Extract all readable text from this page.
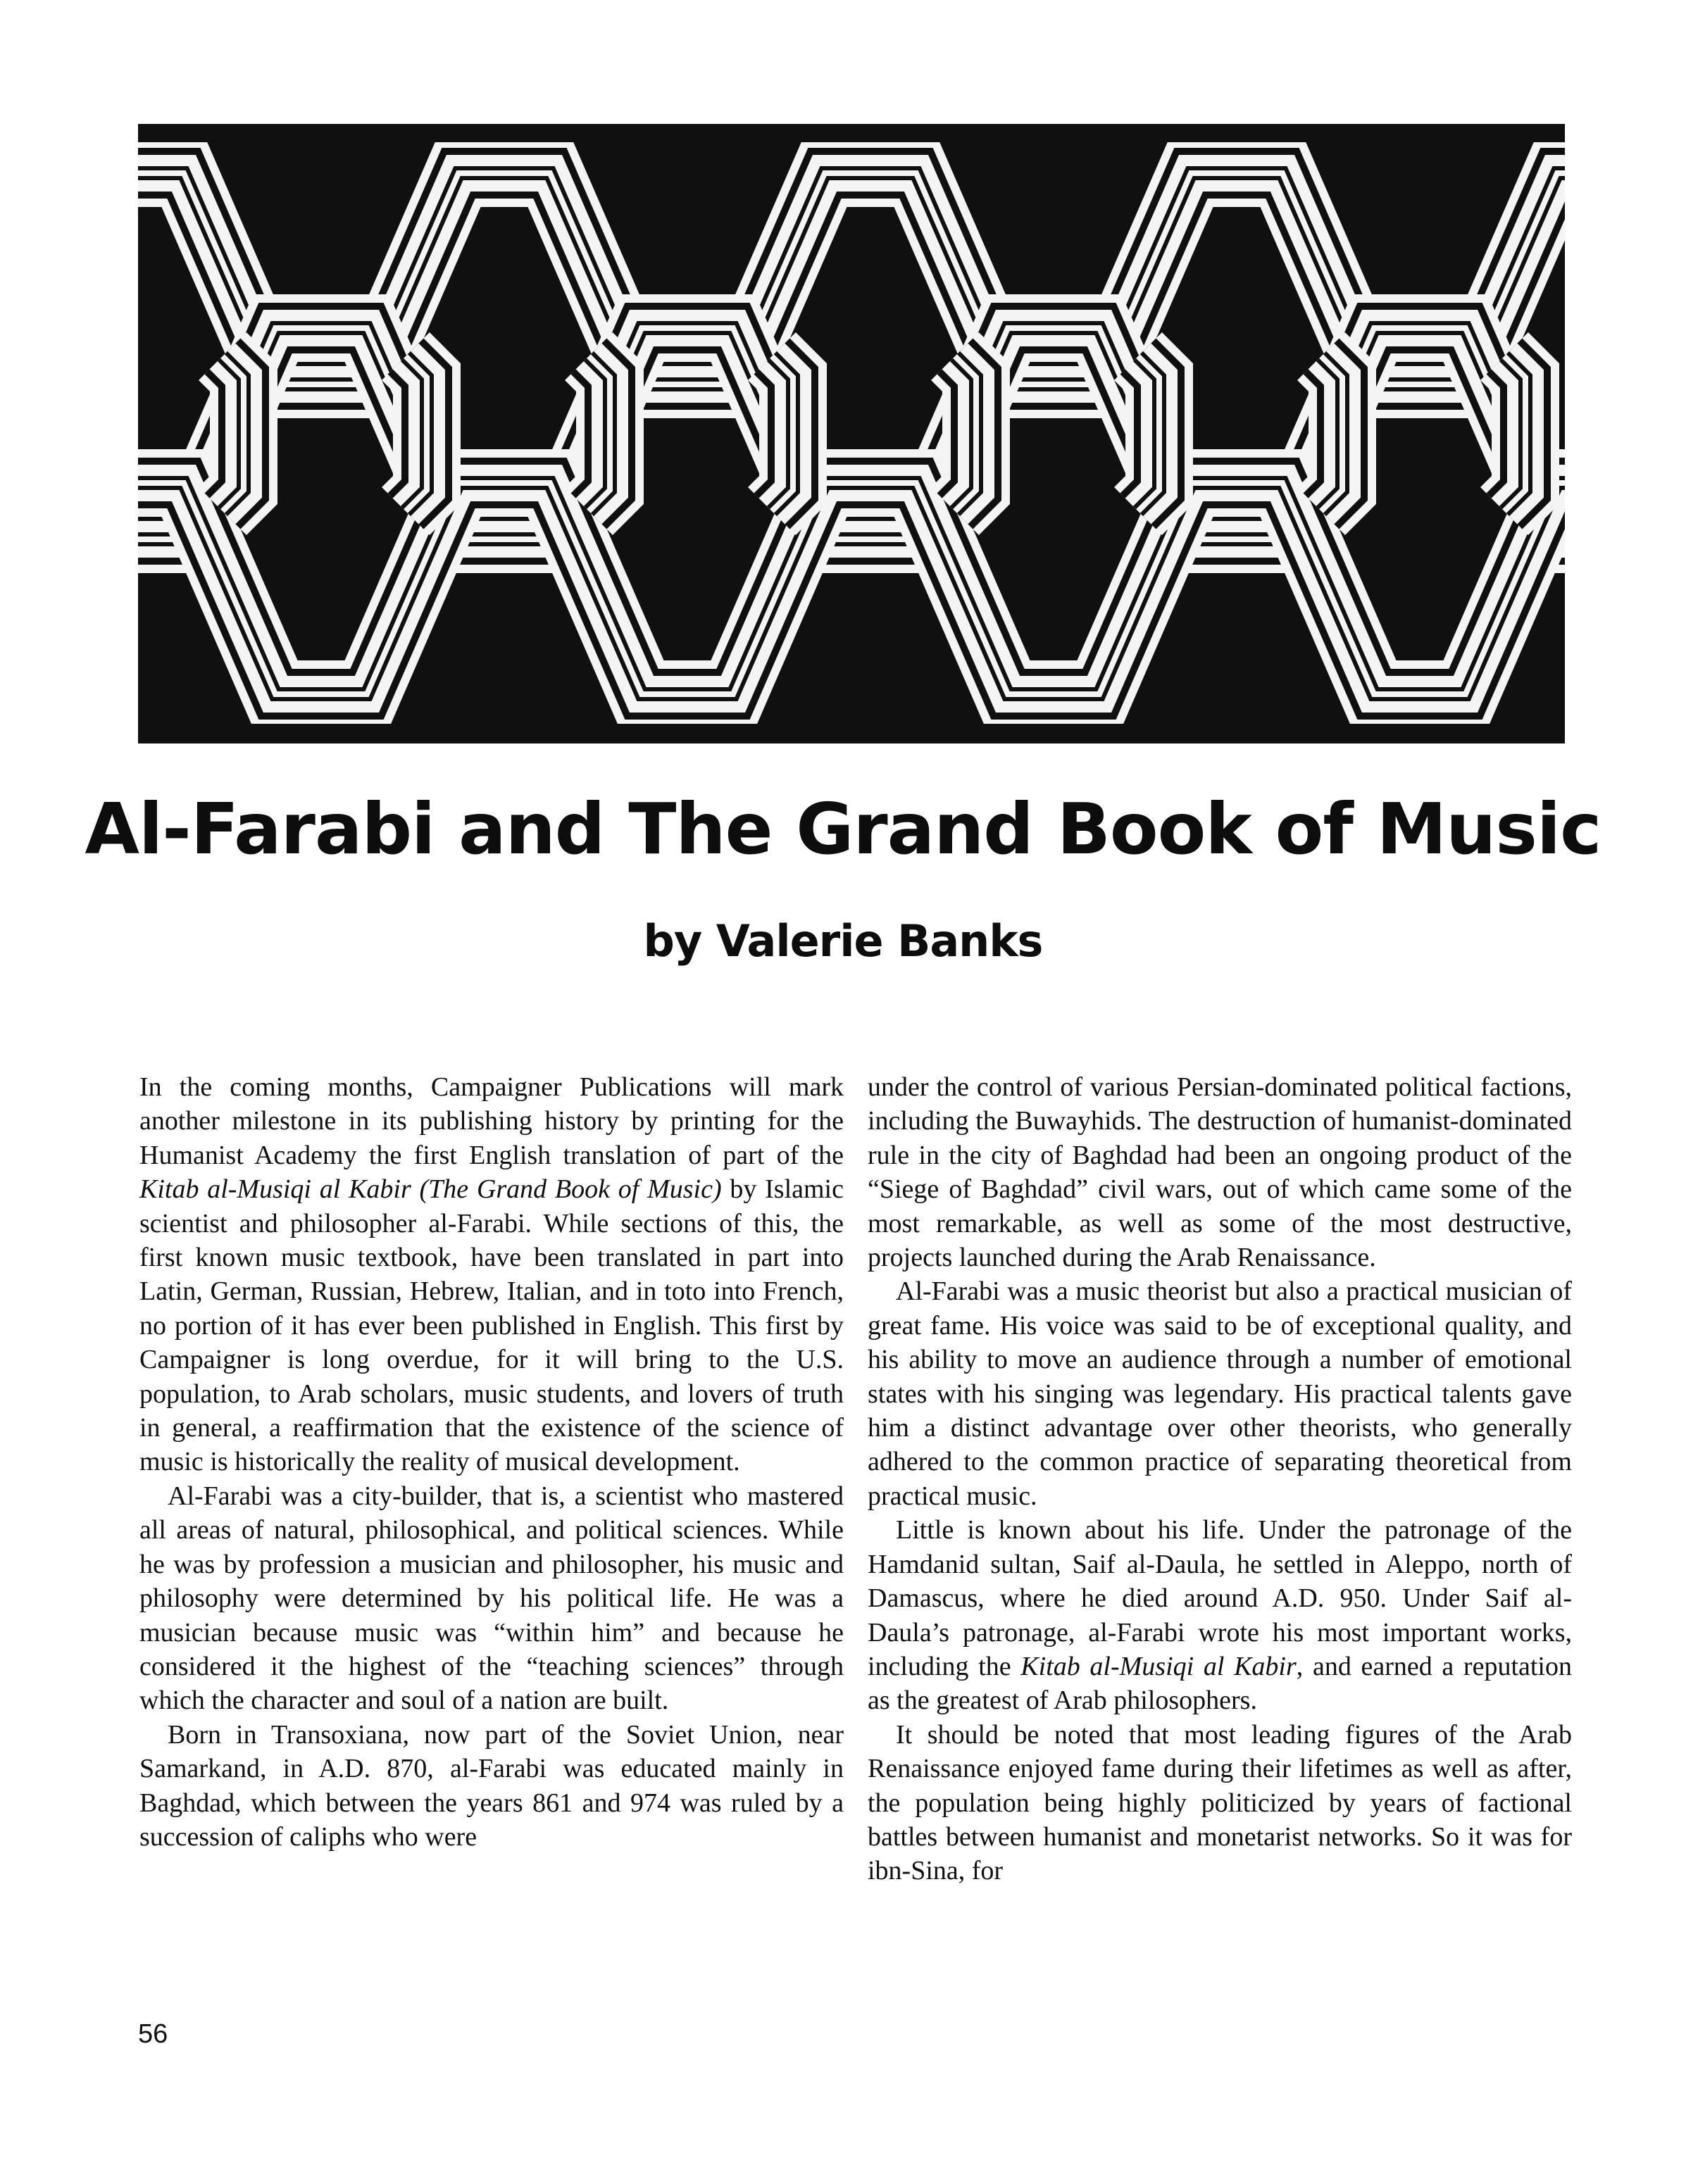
Al-Farabi and The Grand Book of Music
by Valerie Banks

In the coming months, Campaigner Publications will mark another milestone in its publishing history by printing for the Humanist Academy the first English translation of part of the Kitab al-Musiqi al Kabir (The Grand Book of Music) by Islamic scientist and philosopher al-Farabi. While sections of this, the first known music textbook, have been translated in part into Latin, German, Russian, Hebrew, Italian, and in toto into French, no portion of it has ever been published in English. This first by Campaigner is long overdue, for it will bring to the U.S. population, to Arab scholars, music students, and lovers of truth in general, a reaffirmation that the existence of the science of music is historically the reality of musical development.

Al-Farabi was a city-builder, that is, a scientist who mastered all areas of natural, philosophical, and political sciences. While he was by profession a musician and philosopher, his music and philosophy were determined by his political life. He was a musician because music was “within him” and because he considered it the highest of the “teaching sciences” through which the character and soul of a nation are built.

Born in Transoxiana, now part of the Soviet Union, near Samarkand, in A.D. 870, al-Farabi was educated mainly in Baghdad, which between the years 861 and 974 was ruled by a succession of caliphs who were

under the control of various Persian-dominated political factions, including the Buwayhids. The destruction of humanist-dominated rule in the city of Baghdad had been an ongoing product of the “Siege of Baghdad” civil wars, out of which came some of the most remarkable, as well as some of the most destructive, projects launched during the Arab Renaissance.

Al-Farabi was a music theorist but also a practical musician of great fame. His voice was said to be of exceptional quality, and his ability to move an audience through a number of emotional states with his singing was legendary. His practical talents gave him a distinct advantage over other theorists, who generally adhered to the common practice of separating theoretical from practical music.

Little is known about his life. Under the patronage of the Hamdanid sultan, Saif al-Daula, he settled in Aleppo, north of Damascus, where he died around A.D. 950. Under Saif al-Daula’s patronage, al-Farabi wrote his most important works, including the Kitab al-Musiqi al Kabir, and earned a reputation as the greatest of Arab philosophers.

It should be noted that most leading figures of the Arab Renaissance enjoyed fame during their lifetimes as well as after, the population being highly politicized by years of factional battles between humanist and monetarist networks. So it was for ibn-Sina, for

56
